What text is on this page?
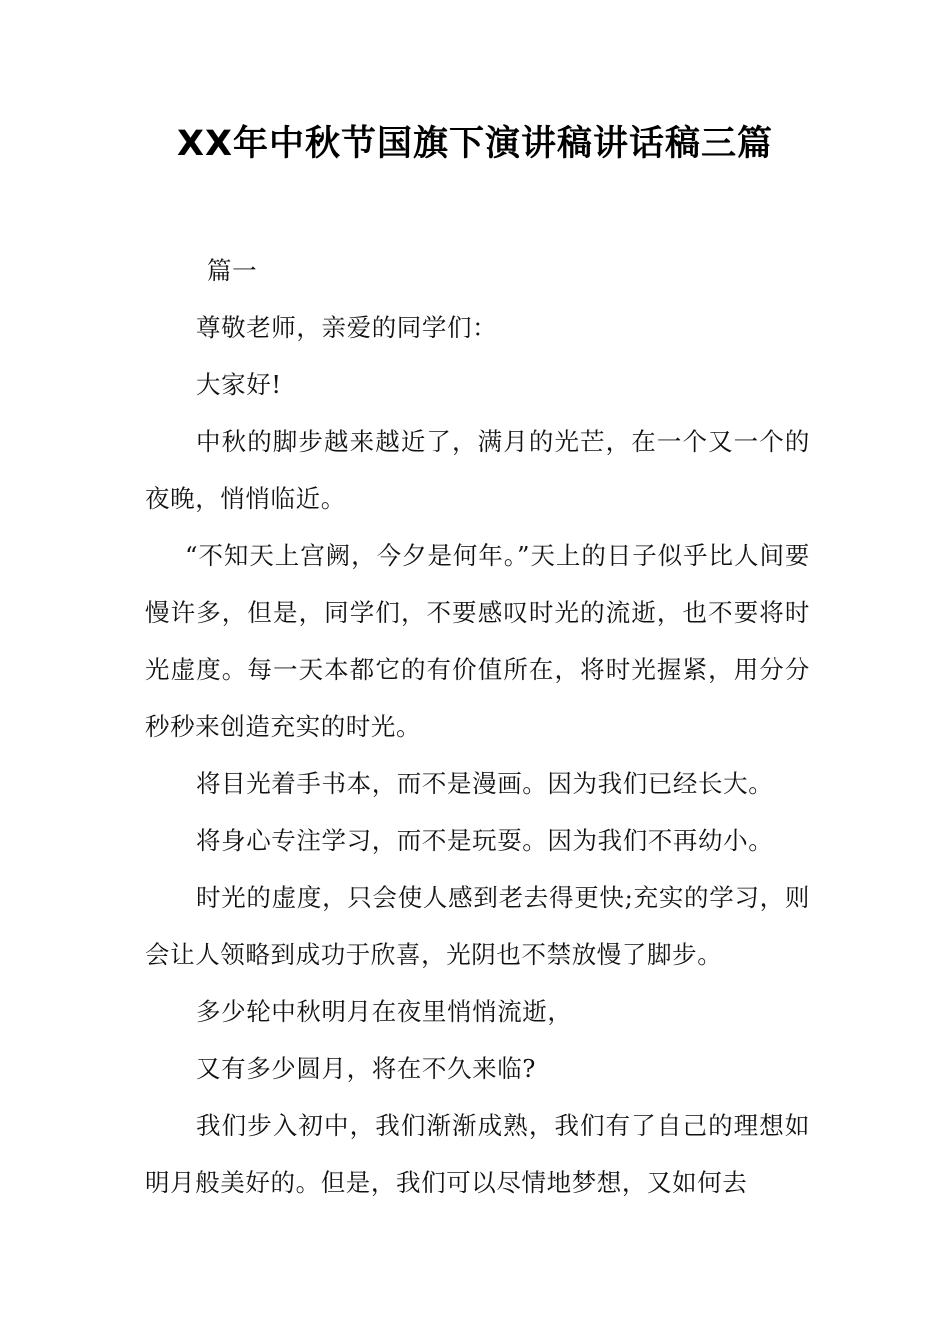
XX年中秋节国旗下演讲稿讲话稿三篇

篇一

尊敬老师，亲爱的同学们：

大家好!

中秋的脚步越来越近了，满月的光芒，在一个又一个的夜晚，悄悄临近。

“不知天上宫阙，今夕是何年。”天上的日子似乎比人间要慢许多，但是，同学们，不要感叹时光的流逝，也不要将时光虚度。每一天本都它的有价值所在，将时光握紧，用分分秒秒来创造充实的时光。

将目光着手书本，而不是漫画。因为我们已经长大。

将身心专注学习，而不是玩耍。因为我们不再幼小。

时光的虚度，只会使人感到老去得更快;充实的学习，则会让人领略到成功于欣喜，光阴也不禁放慢了脚步。

多少轮中秋明月在夜里悄悄流逝，

又有多少圆月，将在不久来临?

我们步入初中，我们渐渐成熟，我们有了自己的理想如明月般美好的。但是，我们可以尽情地梦想，又如何去
